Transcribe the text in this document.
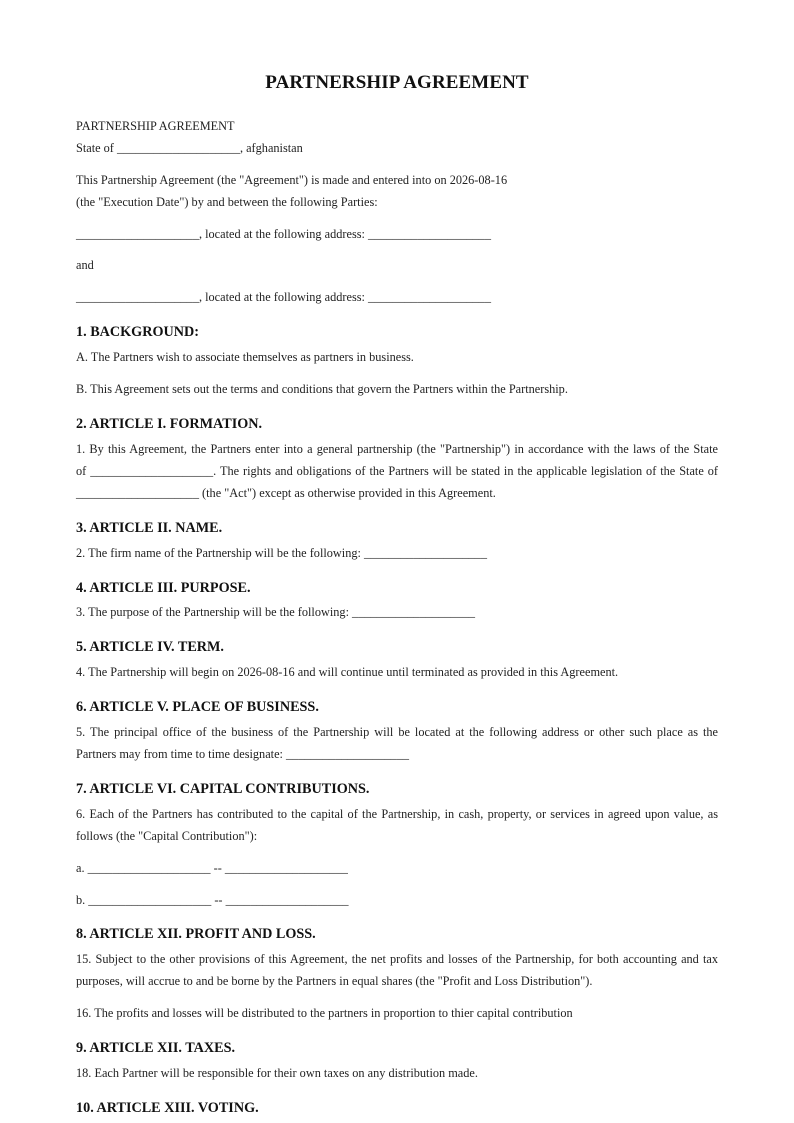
PARTNERSHIP AGREEMENT
PARTNERSHIP AGREEMENT
State of ____________________, afghanistan
This Partnership Agreement (the "Agreement") is made and entered into on 2026-08-16
(the "Execution Date") by and between the following Parties:
____________________, located at the following address: ____________________
and
____________________, located at the following address: ____________________
1. BACKGROUND:
A. The Partners wish to associate themselves as partners in business.
B. This Agreement sets out the terms and conditions that govern the Partners within the Partnership.
2. ARTICLE I. FORMATION.
1. By this Agreement, the Partners enter into a general partnership (the "Partnership") in accordance with the laws of the State
of ____________________. The rights and obligations of the Partners will be stated in the applicable legislation of the State of
____________________ (the "Act") except as otherwise provided in this Agreement.
3. ARTICLE II. NAME.
2. The firm name of the Partnership will be the following: ____________________
4. ARTICLE III. PURPOSE.
3. The purpose of the Partnership will be the following: ____________________
5. ARTICLE IV. TERM.
4. The Partnership will begin on 2026-08-16 and will continue until terminated as provided in this Agreement.
6. ARTICLE V. PLACE OF BUSINESS.
5. The principal office of the business of the Partnership will be located at the following address or other such place as the
Partners may from time to time designate: ____________________
7. ARTICLE VI. CAPITAL CONTRIBUTIONS.
6. Each of the Partners has contributed to the capital of the Partnership, in cash, property, or services in agreed upon value, as
follows (the "Capital Contribution"):
a. ____________________ -- ____________________
b. ____________________ -- ____________________
8. ARTICLE XII. PROFIT AND LOSS.
15. Subject to the other provisions of this Agreement, the net profits and losses of the Partnership, for both accounting and tax
purposes, will accrue to and be borne by the Partners in equal shares (the "Profit and Loss Distribution").
16. The profits and losses will be distributed to the partners in proportion to thier capital contribution
9. ARTICLE XII. TAXES.
18. Each Partner will be responsible for their own taxes on any distribution made.
10. ARTICLE XIII. VOTING.
